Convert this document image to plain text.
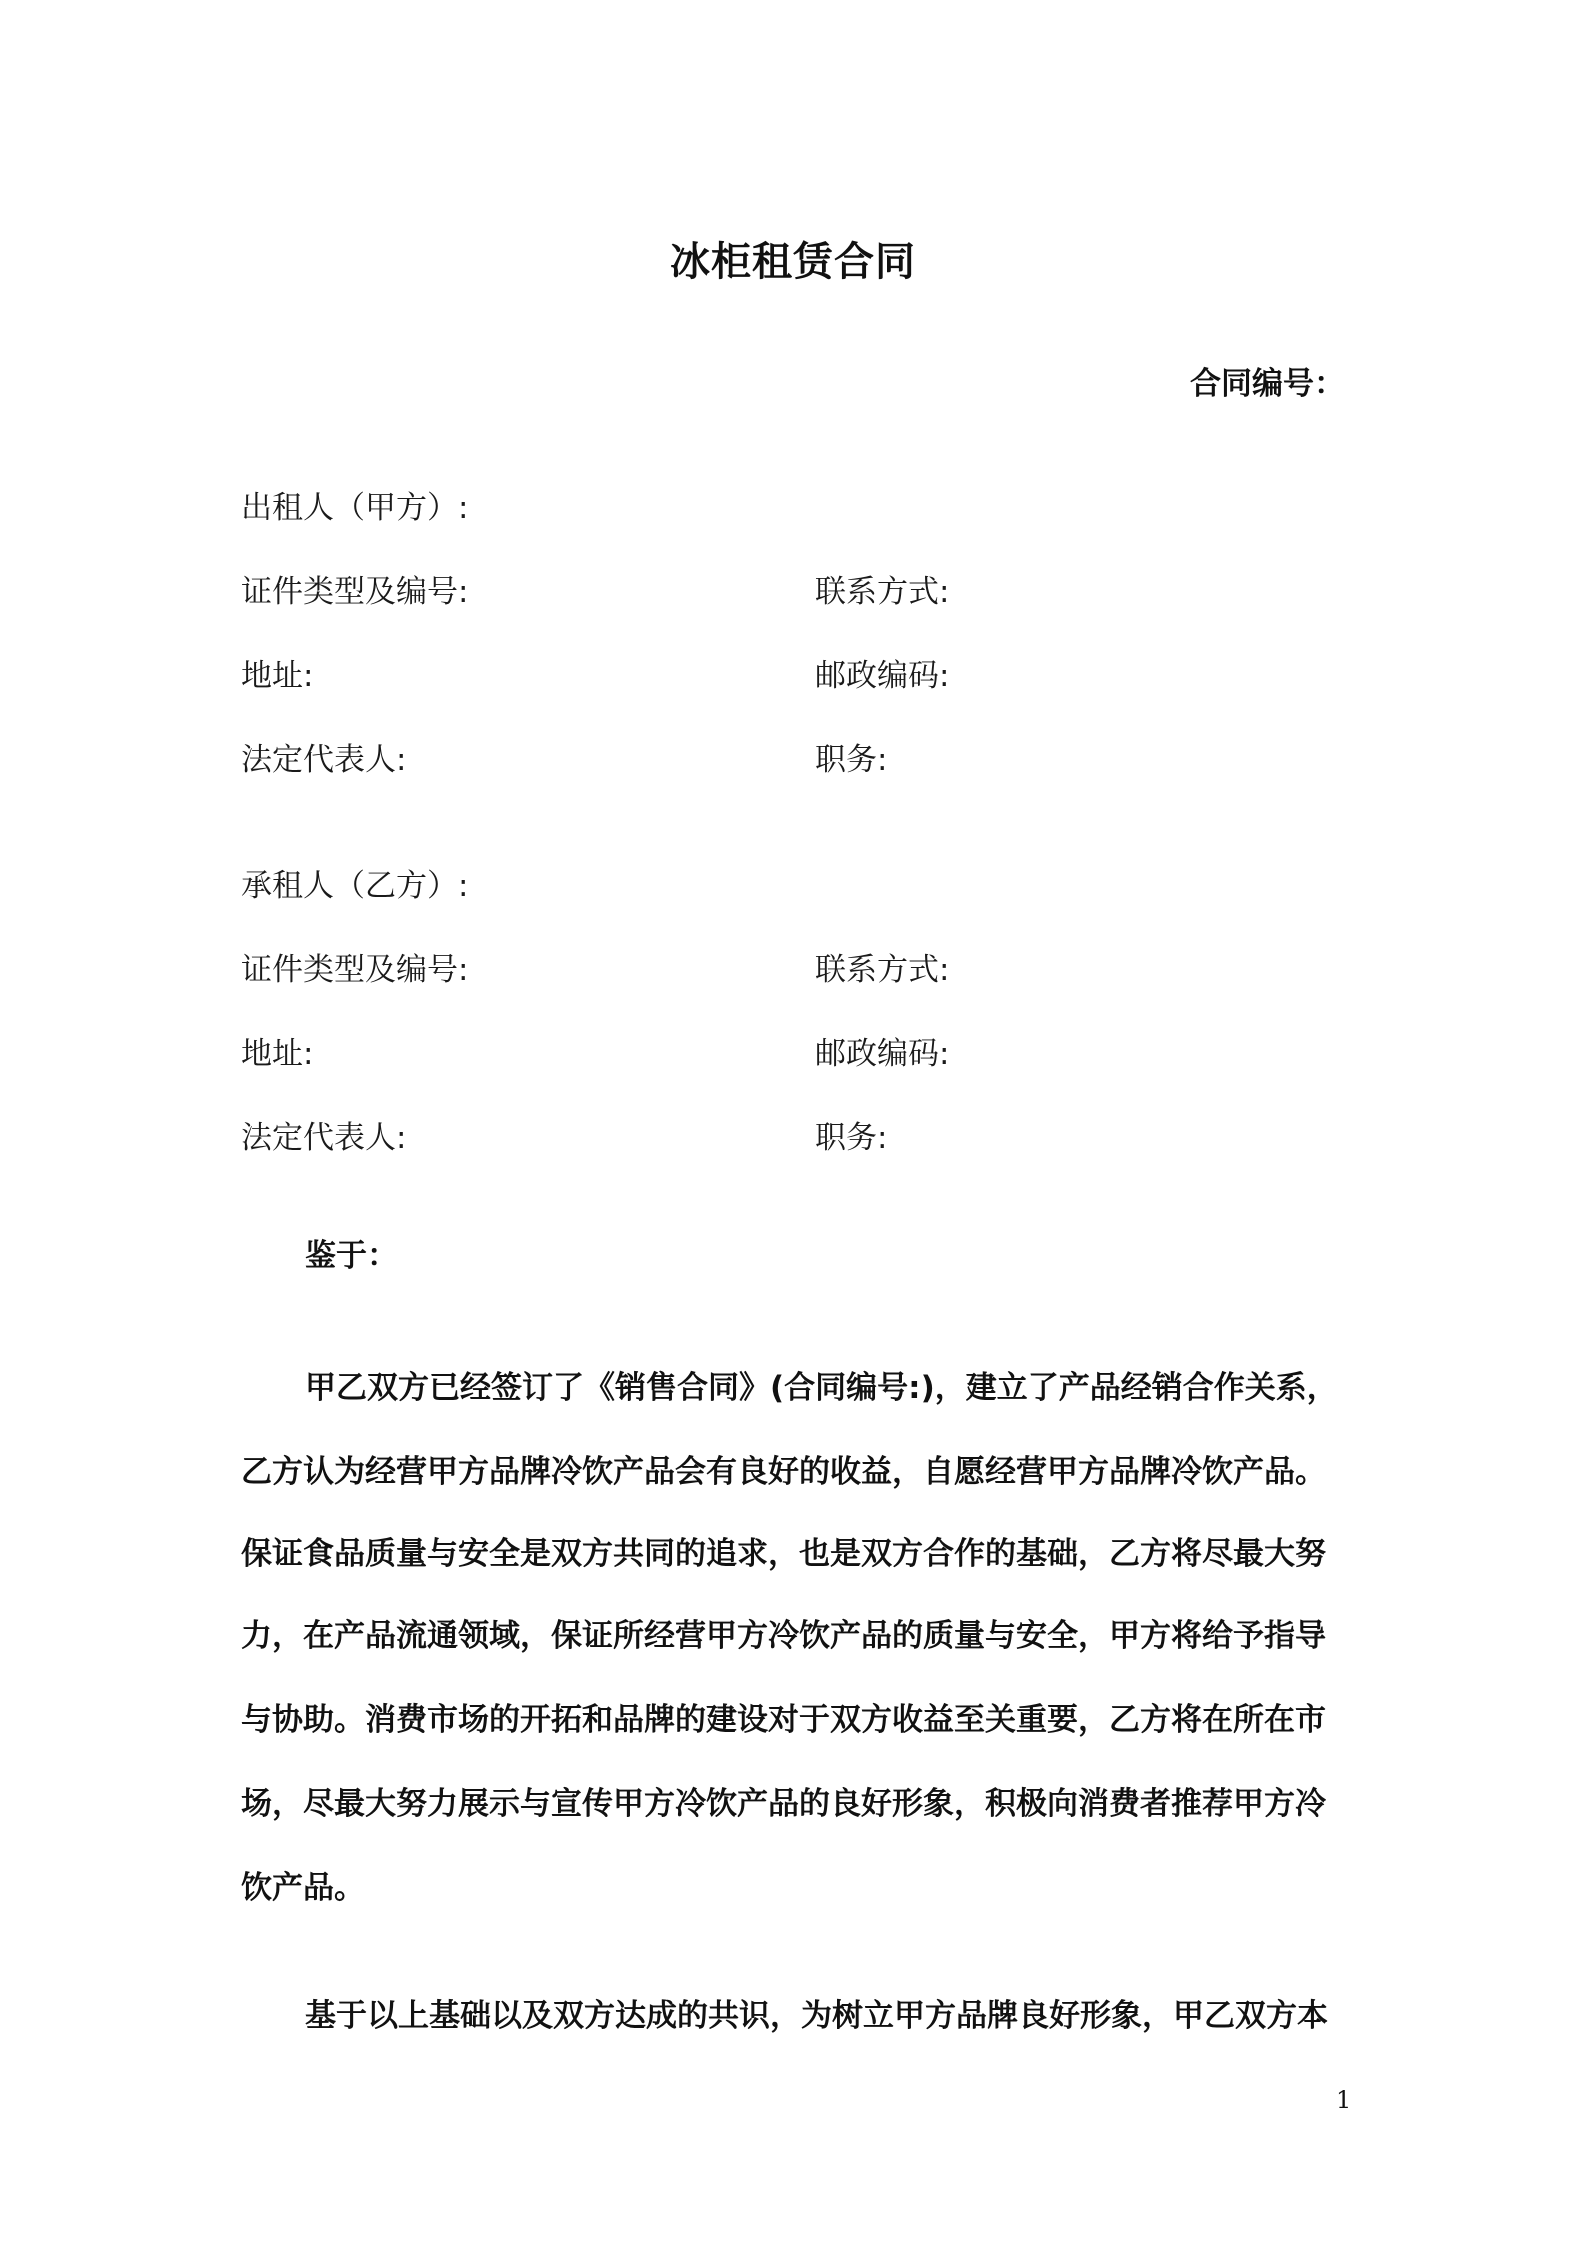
冰柜租赁合同
合同编号：
出租人（甲方）:
证件类型及编号:	联系方式:
地址:	邮政编码:
法定代表人:	职务:
承租人（乙方）:
证件类型及编号:	联系方式:
地址:	邮政编码:
法定代表人:	职务:
鉴于：
甲乙双方已经签订了《销售合同》(合同编号:)，建立了产品经销合作关系，
乙方认为经营甲方品牌冷饮产品会有良好的收益，自愿经营甲方品牌冷饮产品。
保证食品质量与安全是双方共同的追求，也是双方合作的基础，乙方将尽最大努
力，在产品流通领域，保证所经营甲方冷饮产品的质量与安全，甲方将给予指导
与协助。消费市场的开拓和品牌的建设对于双方收益至关重要，乙方将在所在市
场，尽最大努力展示与宣传甲方冷饮产品的良好形象，积极向消费者推荐甲方冷
饮产品。
基于以上基础以及双方达成的共识，为树立甲方品牌良好形象，甲乙双方本
1
